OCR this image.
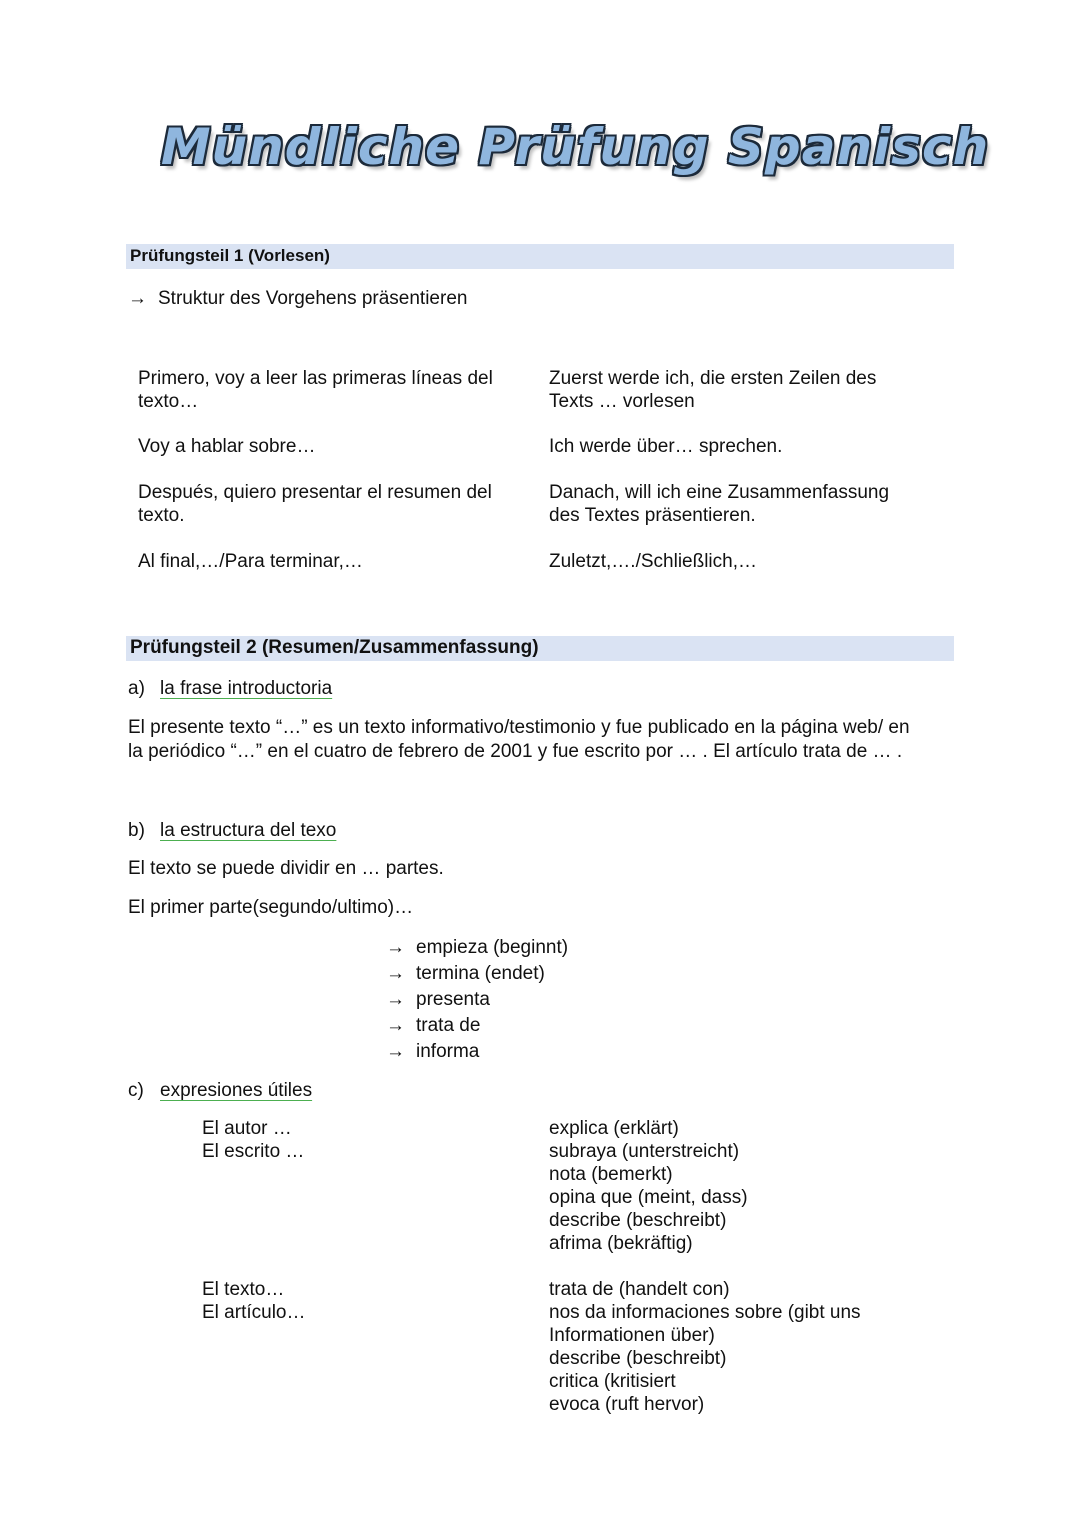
Mündliche Prüfung Spanisch
Prüfungsteil 1 (Vorlesen)
→ Struktur des Vorgehens präsentieren
Primero, voy a leer las primeras líneas del
texto…
Zuerst werde ich, die ersten Zeilen des
Texts … vorlesen
Voy a hablar sobre…	Ich werde über… sprechen.
Después, quiero presentar el resumen del
texto.
Danach, will ich eine Zusammenfassung
des Textes präsentieren.
Al final,…/Para terminar,…	Zuletzt,…./Schließlich,…
Prüfungsteil 2 (Resumen/Zusammenfassung)
a) la frase introductoria
El presente texto “…” es un texto informativo/testimonio y fue publicado en la página web/ en
la periódico “…” en el cuatro de febrero de 2001 y fue escrito por … . El artículo trata de … .
b) la estructura del texo
El texto se puede dividir en … partes.
El primer parte(segundo/ultimo)…
→ empieza (beginnt)
→ termina (endet)
→ presenta
→ trata de
→ informa
c) expresiones útiles
El autor …
El escrito …
explica (erklärt)
subraya (unterstreicht)
nota (bemerkt)
opina que (meint, dass)
describe (beschreibt)
afrima (bekräftig)
El texto…
El artículo…
trata de (handelt con)
nos da informaciones sobre (gibt uns
Informationen über)
describe (beschreibt)
critica (kritisiert
evoca (ruft hervor)
